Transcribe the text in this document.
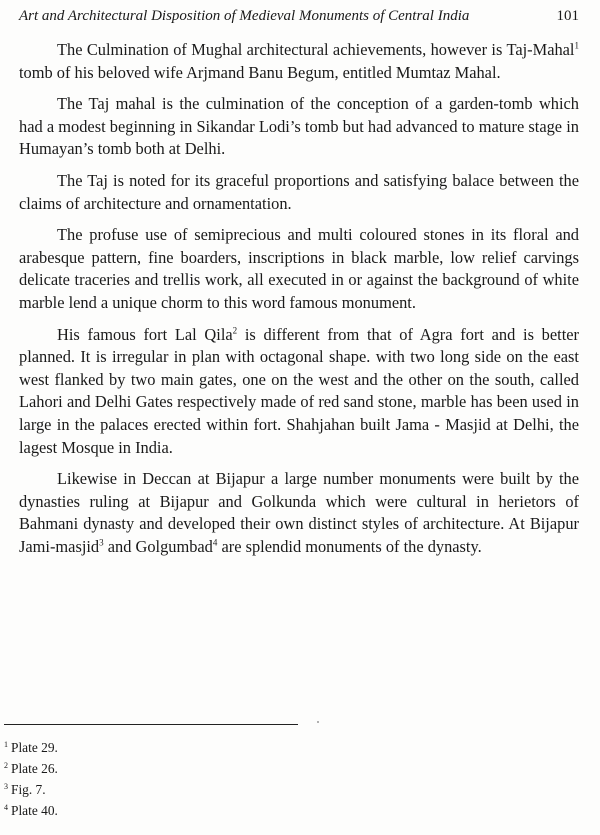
Art and Architectural Disposition of Medieval Monuments of Central India	101

The Culmination of Mughal architectural achievements, however is Taj-Mahal$^1$ tomb of his beloved wife Arjmand Banu Begum, entitled Mumtaz Mahal.

The Taj mahal is the culmination of the conception of a garden-tomb which had a modest beginning in Sikandar Lodi’s tomb but had advanced to mature stage in Humayan’s tomb both at Delhi.

The Taj is noted for its graceful proportions and satisfying balace between the claims of architecture and ornamentation.

The profuse use of semiprecious and multi coloured stones in its floral and arabesque pattern, fine boarders, inscriptions in black marble, low relief carvings delicate traceries and trellis work, all executed in or against the background of white marble lend a unique chorm to this word famous monument.

His famous fort Lal Qila$^2$ is different from that of Agra fort and is better planned. It is irregular in plan with octagonal shape. with two long side on the east west flanked by two main gates, one on the west and the other on the south, called Lahori and Delhi Gates respectively made of red sand stone, marble has been used in large in the palaces erected within fort. Shahjahan built Jama - Masjid at Delhi, the lagest Mosque in India.

Likewise in Deccan at Bijapur a large number monuments were built by the dynasties ruling at Bijapur and Golkunda which were cultural in herietors of Bahmani dynasty and developed their own distinct styles of architecture. At Bijapur Jami-masjid$^3$ and Golgumbad$^4$ are splendid monuments of the dynasty.

$^1$ Plate 29.
$^2$ Plate 26.
$^3$ Fig. 7.
$^4$ Plate 40.
